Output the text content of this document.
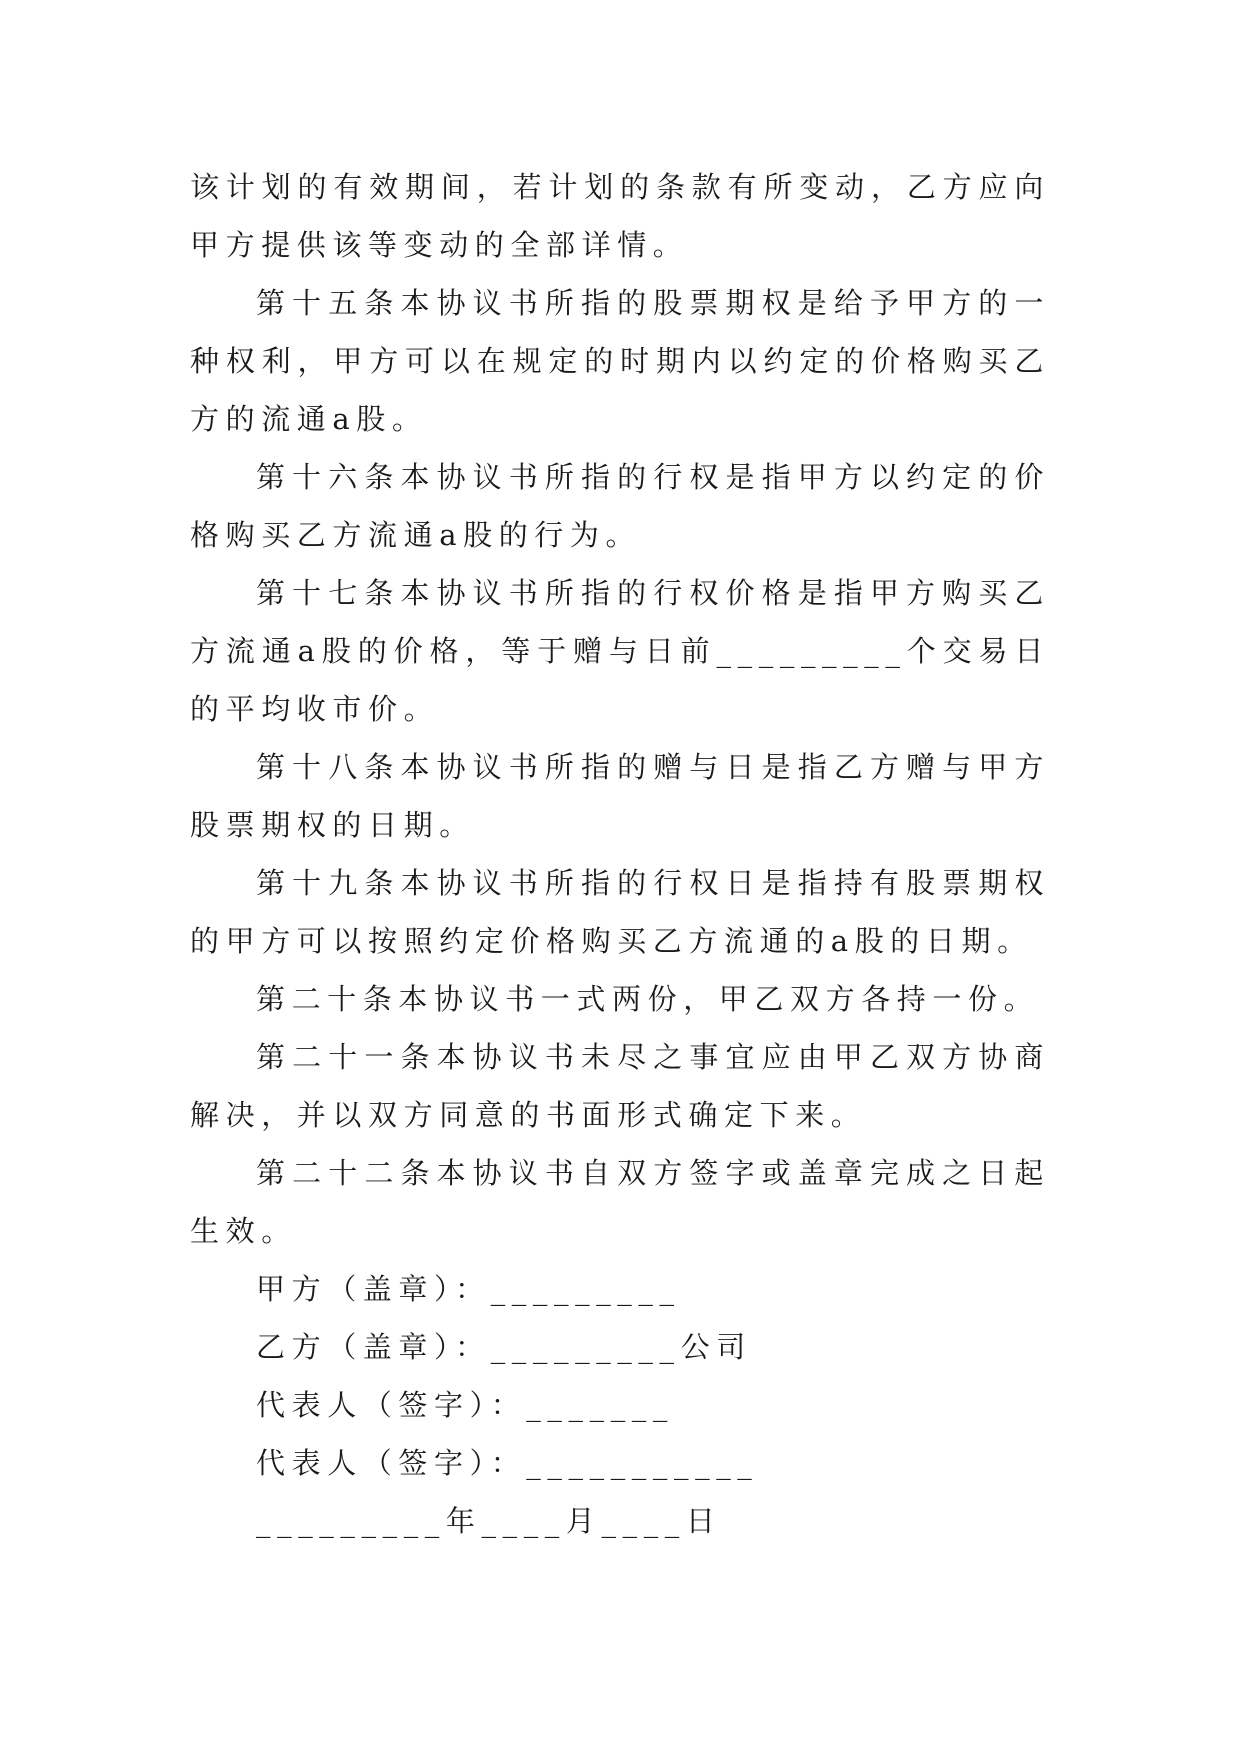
该计划的有效期间，若计划的条款有所变动，乙方应向甲方提供该等变动的全部详情。

第十五条本协议书所指的股票期权是给予甲方的一种权利，甲方可以在规定的时期内以约定的价格购买乙方的流通a股。

第十六条本协议书所指的行权是指甲方以约定的价格购买乙方流通a股的行为。

第十七条本协议书所指的行权价格是指甲方购买乙方流通a股的价格，等于赠与日前_________个交易日的平均收市价。

第十八条本协议书所指的赠与日是指乙方赠与甲方股票期权的日期。

第十九条本协议书所指的行权日是指持有股票期权的甲方可以按照约定价格购买乙方流通的a股的日期。

第二十条本协议书一式两份，甲乙双方各持一份。

第二十一条本协议书未尽之事宜应由甲乙双方协商解决，并以双方同意的书面形式确定下来。

第二十二条本协议书自双方签字或盖章完成之日起生效。

甲方（盖章）：_________

乙方（盖章）：_________公司

代表人（签字）：_______

代表人（签字）：___________

_________年____月____日
